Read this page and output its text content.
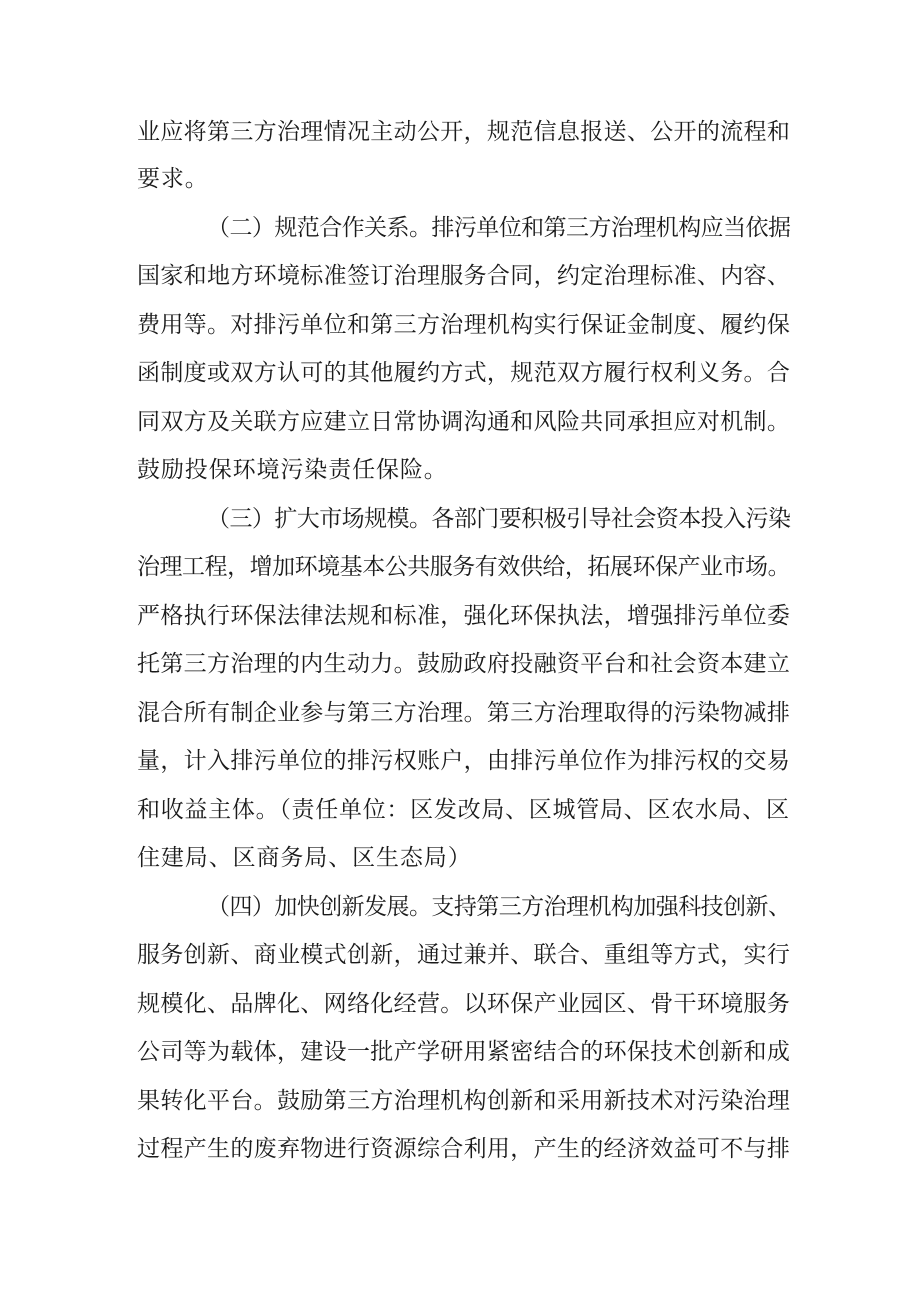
业应将第三方治理情况主动公开，规范信息报送、公开的流程和
要求。
（二）规范合作关系。排污单位和第三方治理机构应当依据
国家和地方环境标准签订治理服务合同，约定治理标准、内容、
费用等。对排污单位和第三方治理机构实行保证金制度、履约保
函制度或双方认可的其他履约方式，规范双方履行权利义务。合
同双方及关联方应建立日常协调沟通和风险共同承担应对机制。
鼓励投保环境污染责任保险。
（三）扩大市场规模。各部门要积极引导社会资本投入污染
治理工程，增加环境基本公共服务有效供给，拓展环保产业市场。
严格执行环保法律法规和标准，强化环保执法，增强排污单位委
托第三方治理的内生动力。鼓励政府投融资平台和社会资本建立
混合所有制企业参与第三方治理。第三方治理取得的污染物减排
量，计入排污单位的排污权账户，由排污单位作为排污权的交易
和收益主体。（责任单位：区发改局、区城管局、区农水局、区
住建局、区商务局、区生态局）
（四）加快创新发展。支持第三方治理机构加强科技创新、
服务创新、商业模式创新，通过兼并、联合、重组等方式，实行
规模化、品牌化、网络化经营。以环保产业园区、骨干环境服务
公司等为载体，建设一批产学研用紧密结合的环保技术创新和成
果转化平台。鼓励第三方治理机构创新和采用新技术对污染治理
过程产生的废弃物进行资源综合利用，产生的经济效益可不与排
